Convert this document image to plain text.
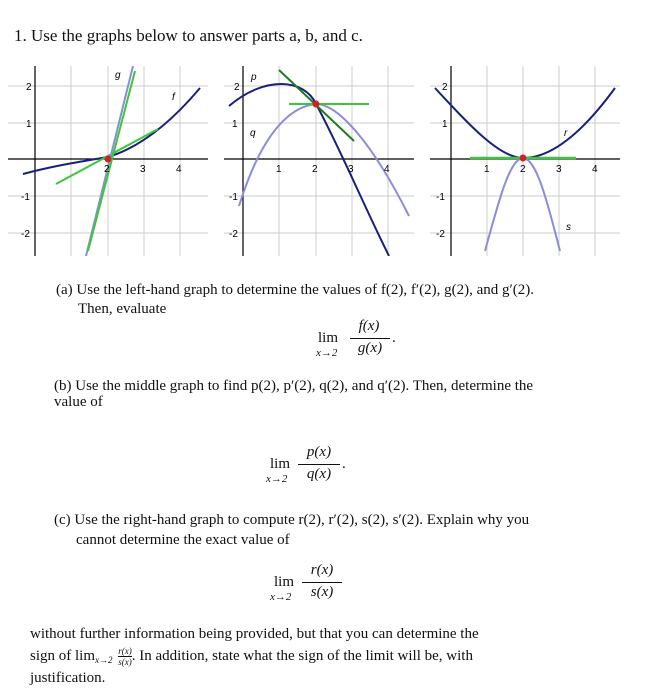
1. Use the graphs below to answer parts a, b, and c.
g
f
2
1
-1
-2
2	3	4
p
q
2
1
-1
-2
1	2	3	4
r
s
2
1
-1
-2
1	2	3	4
(a) Use the left-hand graph to determine the values of f(2), f′(2), g(2), and g′(2).
Then, evaluate
lim
x→2
f(x)
g(x)
.
(b) Use the middle graph to find p(2), p′(2), q(2), and q′(2). Then, determine the
value of
lim
x→2
p(x)
q(x)
.
(c) Use the right-hand graph to compute r(2), r′(2), s(2), s′(2). Explain why you
cannot determine the exact value of
lim
x→2
r(x)
s(x)
without further information being provided, but that you can determine the
sign of $\lim_{x\to 2} \frac{r(x)}{s(x)}$ . In addition, state what the sign of the limit will be, with
justification.
